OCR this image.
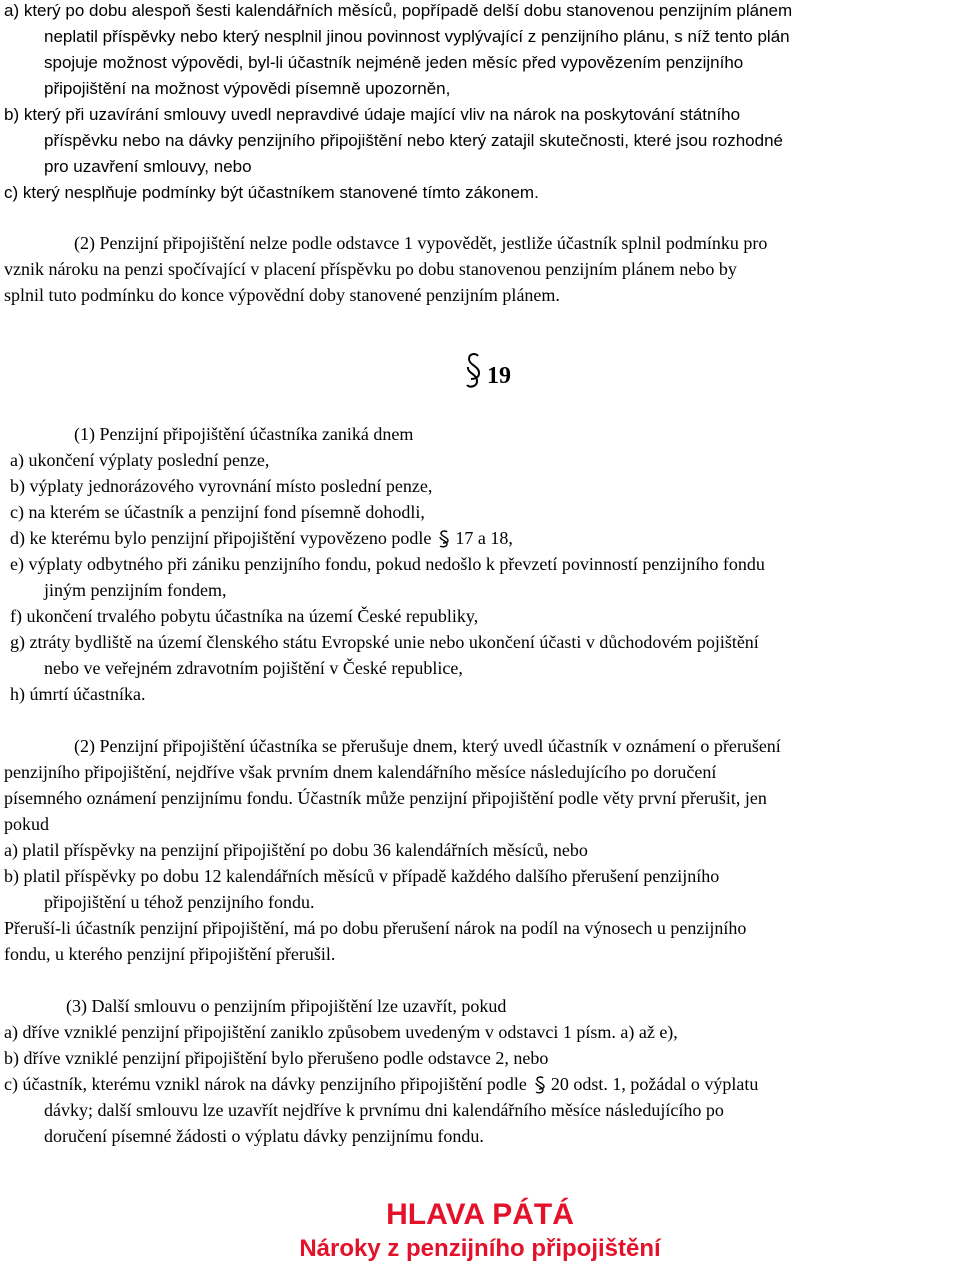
a) který po dobu alespoň šesti kalendářních měsíců, popřípadě delší dobu stanovenou penzijním plánem
neplatil příspěvky nebo který nesplnil jinou povinnost vyplývající z penzijního plánu, s níž tento plán
spojuje možnost výpovědi, byl-li účastník nejméně jeden měsíc před vypovězením penzijního
připojištění na možnost výpovědi písemně upozorněn,
b) který při uzavírání smlouvy uvedl nepravdivé údaje mající vliv na nárok na poskytování státního
příspěvku nebo na dávky penzijního připojištění nebo který zatajil skutečnosti, které jsou rozhodné
pro uzavření smlouvy, nebo
c) který nesplňuje podmínky být účastníkem stanovené tímto zákonem.
(2) Penzijní připojištění nelze podle odstavce 1 vypovědět, jestliže účastník splnil podmínku pro
vznik nároku na penzi spočívající v placení příspěvku po dobu stanovenou penzijním plánem nebo by
splnil tuto podmínku do konce výpovědní doby stanovené penzijním plánem.
19
(1) Penzijní připojištění účastníka zaniká dnem
a) ukončení výplaty poslední penze,
b) výplaty jednorázového vyrovnání místo poslední penze,
c) na kterém se účastník a penzijní fond písemně dohodli,
d) ke kterému bylo penzijní připojištění vypovězeno podle 17 a 18,
e) výplaty odbytného při zániku penzijního fondu, pokud nedošlo k převzetí povinností penzijního fondu
jiným penzijním fondem,
f) ukončení trvalého pobytu účastníka na území České republiky,
g) ztráty bydliště na území členského státu Evropské unie nebo ukončení účasti v důchodovém pojištění
nebo ve veřejném zdravotním pojištění v České republice,
h) úmrtí účastníka.
(2) Penzijní připojištění účastníka se přerušuje dnem, který uvedl účastník v oznámení o přerušení
penzijního připojištění, nejdříve však prvním dnem kalendářního měsíce následujícího po doručení
písemného oznámení penzijnímu fondu. Účastník může penzijní připojištění podle věty první přerušit, jen
pokud
a) platil příspěvky na penzijní připojištění po dobu 36 kalendářních měsíců, nebo
b) platil příspěvky po dobu 12 kalendářních měsíců v případě každého dalšího přerušení penzijního
připojištění u téhož penzijního fondu.
Přeruší-li účastník penzijní připojištění, má po dobu přerušení nárok na podíl na výnosech u penzijního
fondu, u kterého penzijní připojištění přerušil.
(3) Další smlouvu o penzijním připojištění lze uzavřít, pokud
a) dříve vzniklé penzijní připojištění zaniklo způsobem uvedeným v odstavci 1 písm. a) až e),
b) dříve vzniklé penzijní připojištění bylo přerušeno podle odstavce 2, nebo
c) účastník, kterému vznikl nárok na dávky penzijního připojištění podle 20 odst. 1, požádal o výplatu
dávky; další smlouvu lze uzavřít nejdříve k prvnímu dni kalendářního měsíce následujícího po
doručení písemné žádosti o výplatu dávky penzijnímu fondu.
HLAVA PÁTÁ
Nároky z penzijního připojištění
